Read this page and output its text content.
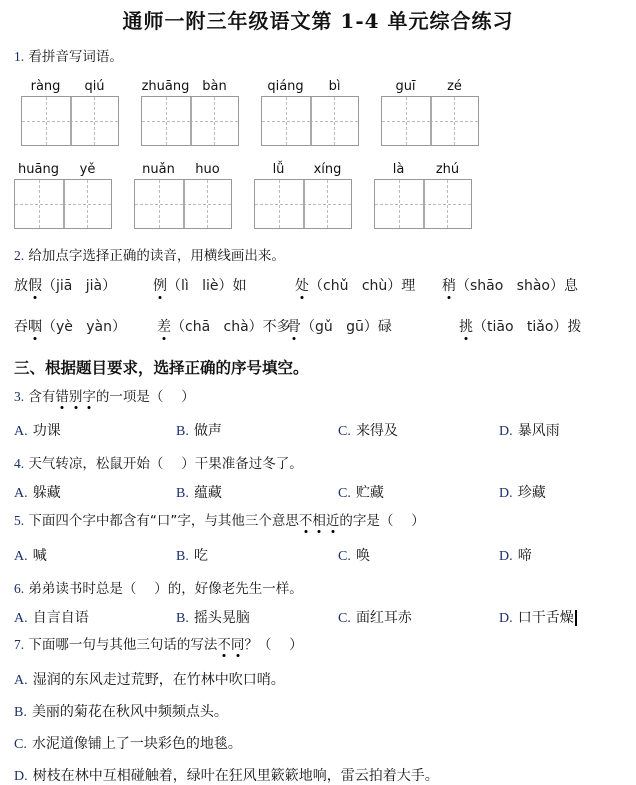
通师一附三年级语文第 1-4 单元综合练习
1. 看拼音写词语。
ràng	qiú	zhuāng bàn	qiáng	bì	guī	zé
huāng	yě	nuǎn	huo	lǚ	xíng	là	zhú
2. 给加点字选择正确的读音，用横线画出来。
放假（jiā jià）	例（lì liè）如	处（chǔ chù）理 稍（shāo shào）息
吞咽（yè yàn） 差（chā chà）不多
骨（gǔ gū）碌	挑（tiāo tiǎo）拨
三、根据题目要求，选择正确的序号填空。
3. 含有错别字的一项是（　 ）
A. 功课	B. 做声	C. 来得及	D. 暴风雨
4. 天气转凉，松鼠开始（　 ）干果准备过冬了。
A. 躲藏	B. 蕴藏	C. 贮藏	D. 珍藏
5. 下面四个字中都含有“口”字，与其他三个意思不相近的字是（　 ）
A. 喊	B. 吃	C. 唤	D. 啼
6. 弟弟读书时总是（　 ）的，好像老先生一样。
A. 自言自语	B. 摇头晃脑	C. 面红耳赤	D. 口干舌燥
7. 下面哪一句与其他三句话的写法不同？（　 ）
A. 湿润的东风走过荒野，在竹林中吹口哨。
B. 美丽的菊花在秋风中频频点头。
C. 水泥道像铺上了一块彩色的地毯。
D. 树枝在林中互相碰触着，绿叶在狂风里簌簌地响，雷云拍着大手。
